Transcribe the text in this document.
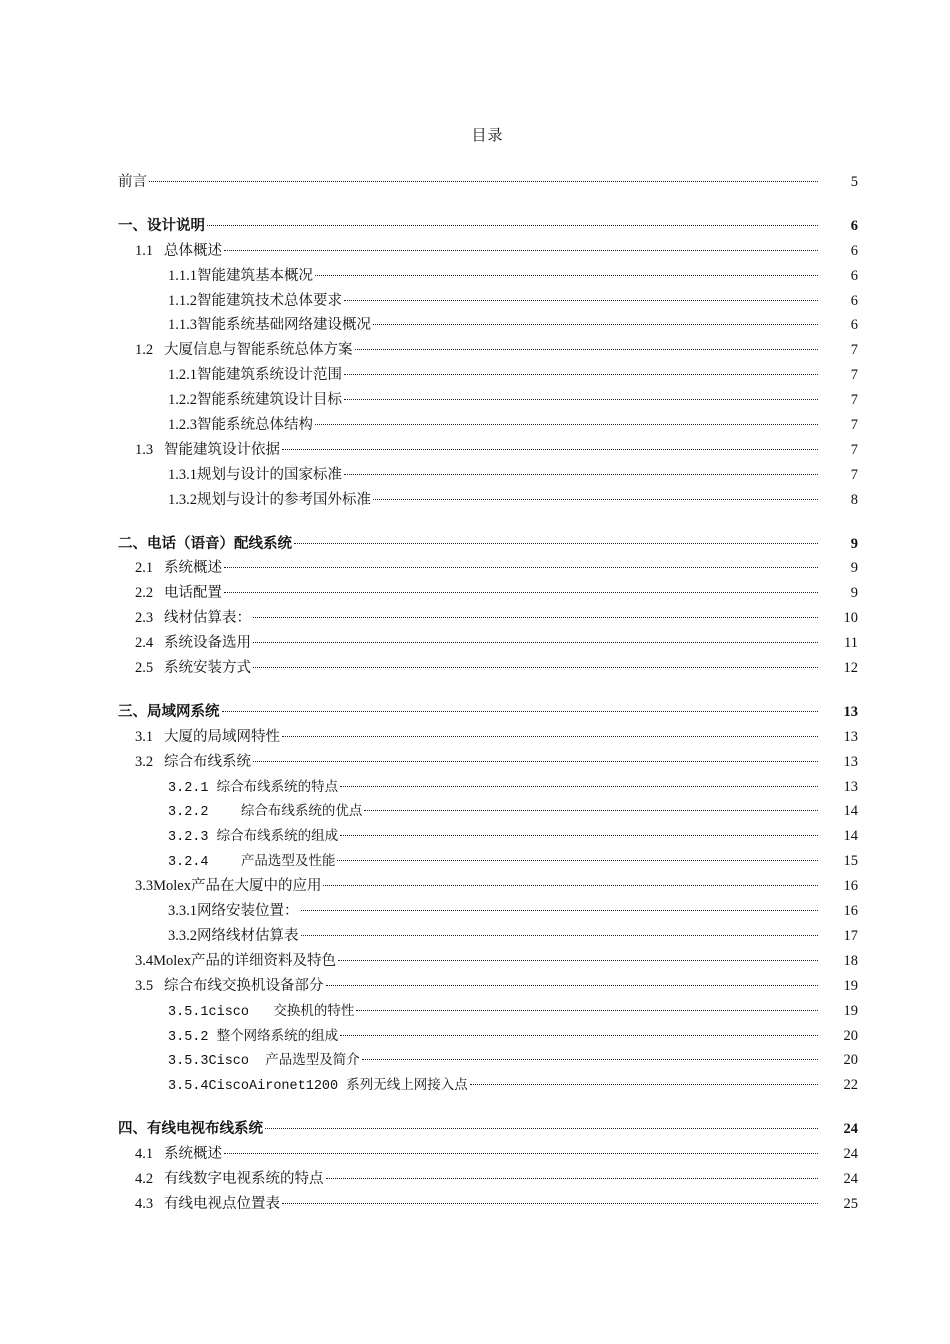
目录
前言	5
一、设计说明	6
1.1   总体概述	6
1.1.1智能建筑基本概况	6
1.1.2智能建筑技术总体要求	6
1.1.3智能系统基础网络建设概况	6
1.2   大厦信息与智能系统总体方案	7
1.2.1智能建筑系统设计范围	7
1.2.2智能系统建筑设计目标	7
1.2.3智能系统总体结构	7
1.3   智能建筑设计依据	7
1.3.1规划与设计的国家标准	7
1.3.2规划与设计的参考国外标准	8
二、电话（语音）配线系统	9
2.1   系统概述	9
2.2   电话配置	9
2.3   线材估算表：	10
2.4   系统设备选用	11
2.5   系统安装方式	12
三、局域网系统	13
3.1   大厦的局域网特性	13
3.2   综合布线系统	13
3.2.1 综合布线系统的特点	13
3.2.2    综合布线系统的优点	14
3.2.3 综合布线系统的组成	14
3.2.4    产品选型及性能	15
3.3Molex产品在大厦中的应用	16
3.3.1网络安装位置：	16
3.3.2网络线材估算表	17
3.4Molex产品的详细资料及特色	18
3.5   综合布线交换机设备部分	19
3.5.1cisco   交换机的特性	19
3.5.2 整个网络系统的组成	20
3.5.3Cisco  产品选型及简介	20
3.5.4CiscoAironet1200 系列无线上网接入点	22
四、有线电视布线系统	24
4.1   系统概述	24
4.2   有线数字电视系统的特点	24
4.3   有线电视点位置表	25
